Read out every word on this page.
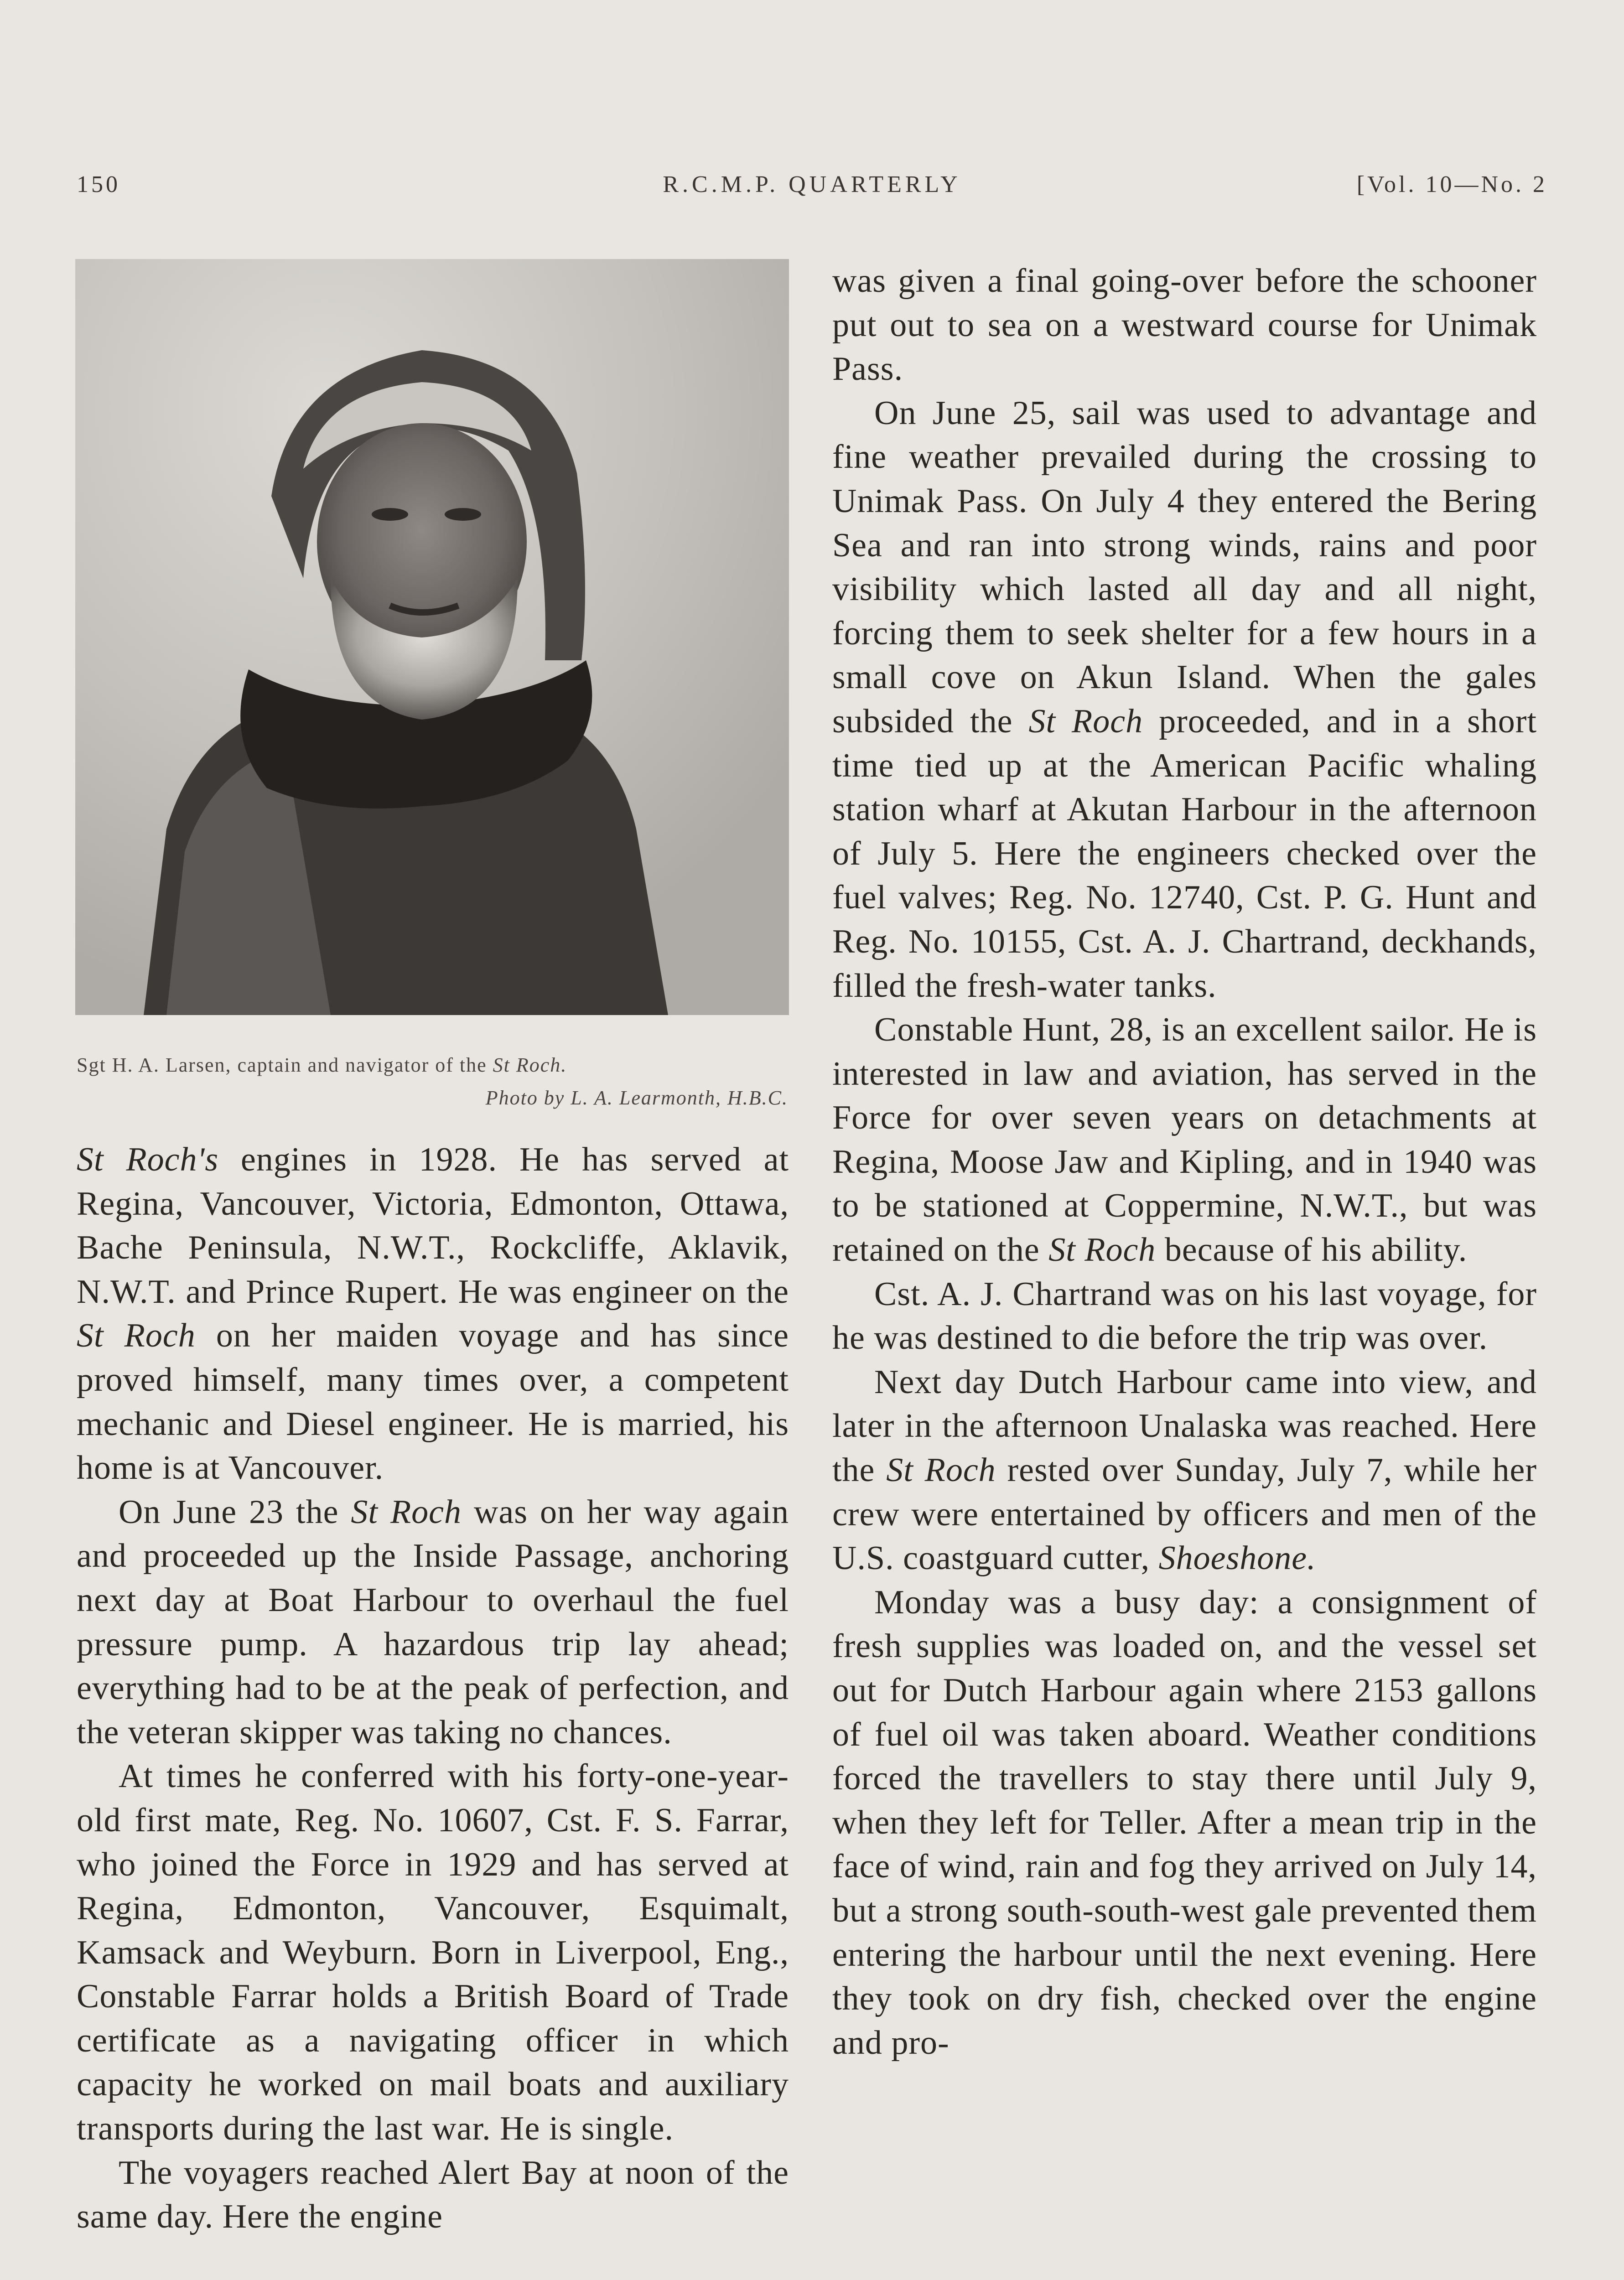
150	R.C.M.P. QUARTERLY	[Vol. 10—No. 2
Sgt H. A. Larsen, captain and navigator of the St Roch.
Photo by L. A. Learmonth, H.B.C.

St Roch's engines in 1928. He has served at Regina, Vancouver, Victoria, Edmonton, Ottawa, Bache Peninsula, N.W.T., Rockcliffe, Aklavik, N.W.T. and Prince Rupert. He was engineer on the St Roch on her maiden voyage and has since proved himself, many times over, a competent mechanic and Diesel engineer. He is married, his home is at Vancouver.

On June 23 the St Roch was on her way again and proceeded up the Inside Passage, anchoring next day at Boat Harbour to overhaul the fuel pressure pump. A hazardous trip lay ahead; everything had to be at the peak of perfection, and the veteran skipper was taking no chances.

At times he conferred with his forty-one-year-old first mate, Reg. No. 10607, Cst. F. S. Farrar, who joined the Force in 1929 and has served at Regina, Edmonton, Vancouver, Esquimalt, Kamsack and Weyburn. Born in Liverpool, Eng., Constable Farrar holds a British Board of Trade certificate as a navigating officer in which capacity he worked on mail boats and auxiliary transports during the last war. He is single.

The voyagers reached Alert Bay at noon of the same day. Here the engine

was given a final going-over before the schooner put out to sea on a westward course for Unimak Pass.

On June 25, sail was used to advantage and fine weather prevailed during the crossing to Unimak Pass. On July 4 they entered the Bering Sea and ran into strong winds, rains and poor visibility which lasted all day and all night, forcing them to seek shelter for a few hours in a small cove on Akun Island. When the gales subsided the St Roch proceeded, and in a short time tied up at the American Pacific whaling station wharf at Akutan Harbour in the afternoon of July 5. Here the engineers checked over the fuel valves; Reg. No. 12740, Cst. P. G. Hunt and Reg. No. 10155, Cst. A. J. Chartrand, deckhands, filled the fresh-water tanks.

Constable Hunt, 28, is an excellent sailor. He is interested in law and aviation, has served in the Force for over seven years on detachments at Regina, Moose Jaw and Kipling, and in 1940 was to be stationed at Coppermine, N.W.T., but was retained on the St Roch because of his ability.

Cst. A. J. Chartrand was on his last voyage, for he was destined to die before the trip was over.

Next day Dutch Harbour came into view, and later in the afternoon Unalaska was reached. Here the St Roch rested over Sunday, July 7, while her crew were entertained by officers and men of the U.S. coastguard cutter, Shoeshone.

Monday was a busy day: a consignment of fresh supplies was loaded on, and the vessel set out for Dutch Harbour again where 2153 gallons of fuel oil was taken aboard. Weather conditions forced the travellers to stay there until July 9, when they left for Teller. After a mean trip in the face of wind, rain and fog they arrived on July 14, but a strong south-south-west gale prevented them entering the harbour until the next evening. Here they took on dry fish, checked over the engine and pro-
